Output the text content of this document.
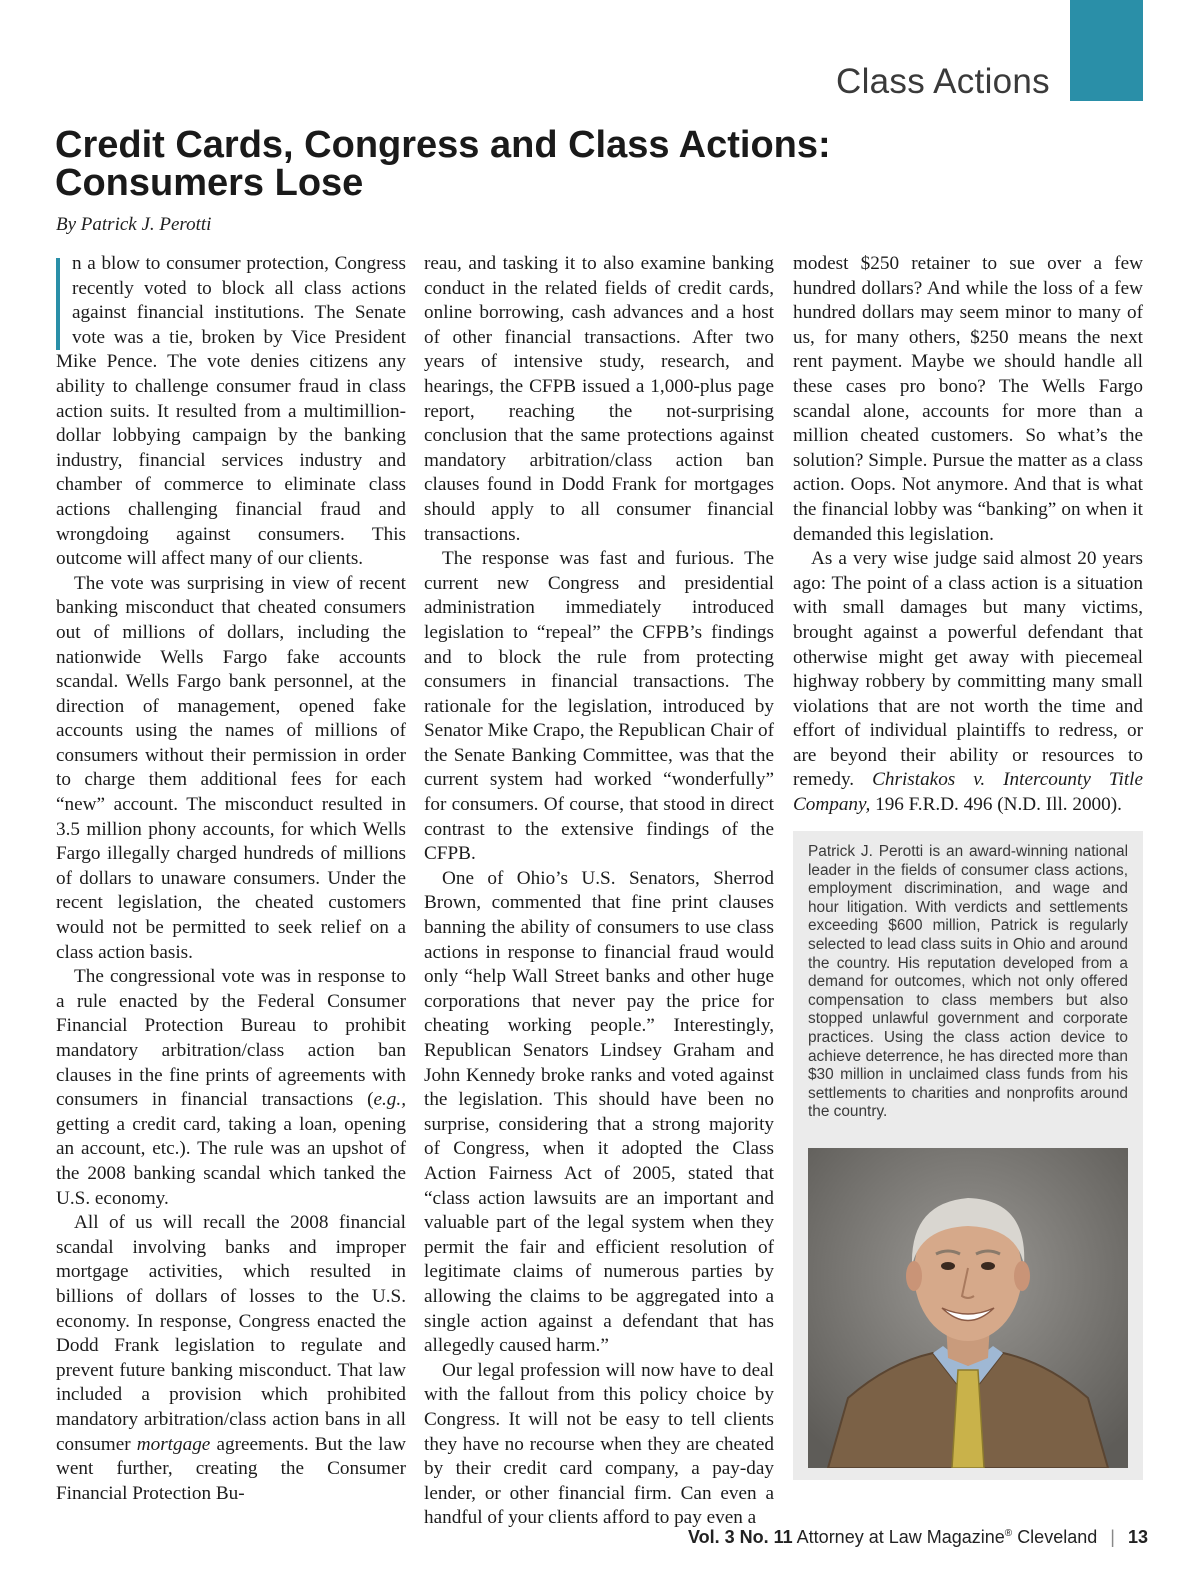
Class Actions
Credit Cards, Congress and Class Actions:
Consumers Lose
By Patrick J. Perotti

n a blow to consumer protection, Congress recently voted to block all class actions against financial institutions. The Senate vote was a tie, broken by Vice President Mike Pence. The vote denies citizens any ability to challenge consumer fraud in class action suits. It resulted from a multimillion-dollar lobbying campaign by the banking industry, financial services industry and chamber of commerce to eliminate class actions challenging financial fraud and wrongdoing against consumers. This outcome will affect many of our clients.

The vote was surprising in view of recent banking misconduct that cheated consumers out of millions of dollars, including the nationwide Wells Fargo fake accounts scandal. Wells Fargo bank personnel, at the direction of management, opened fake accounts using the names of millions of consumers without their permission in order to charge them additional fees for each “new” account. The misconduct resulted in 3.5 million phony accounts, for which Wells Fargo illegally charged hundreds of millions of dollars to unaware consumers. Under the recent legislation, the cheated customers would not be permitted to seek relief on a class action basis.

The congressional vote was in response to a rule enacted by the Federal Consumer Financial Protection Bureau to prohibit mandatory arbitration/class action ban clauses in the fine prints of agreements with consumers in financial transactions (e.g., getting a credit card, taking a loan, opening an account, etc.). The rule was an upshot of the 2008 banking scandal which tanked the U.S. economy.

All of us will recall the 2008 financial scandal involving banks and improper mortgage activities, which resulted in billions of dollars of losses to the U.S. economy. In response, Congress enacted the Dodd Frank legislation to regulate and prevent future banking misconduct. That law included a provision which prohibited mandatory arbitration/class action bans in all consumer mortgage agreements. But the law went further, creating the Consumer Financial Protection Bu-

reau, and tasking it to also examine banking conduct in the related fields of credit cards, online borrowing, cash advances and a host of other financial transactions. After two years of intensive study, research, and hearings, the CFPB issued a 1,000-plus page report, reaching the not-surprising conclusion that the same protections against mandatory arbitration/class action ban clauses found in Dodd Frank for mortgages should apply to all consumer financial transactions.

The response was fast and furious. The current new Congress and presidential administration immediately introduced legislation to “repeal” the CFPB’s findings and to block the rule from protecting consumers in financial transactions. The rationale for the legislation, introduced by Senator Mike Crapo, the Republican Chair of the Senate Banking Committee, was that the current system had worked “wonderfully” for consumers. Of course, that stood in direct contrast to the extensive findings of the CFPB.

One of Ohio’s U.S. Senators, Sherrod Brown, commented that fine print clauses banning the ability of consumers to use class actions in response to financial fraud would only “help Wall Street banks and other huge corporations that never pay the price for cheating working people.” Interestingly, Republican Senators Lindsey Graham and John Kennedy broke ranks and voted against the legislation. This should have been no surprise, considering that a strong majority of Congress, when it adopted the Class Action Fairness Act of 2005, stated that “class action lawsuits are an important and valuable part of the legal system when they permit the fair and efficient resolution of legitimate claims of numerous parties by allowing the claims to be aggregated into a single action against a defendant that has allegedly caused harm.”

Our legal profession will now have to deal with the fallout from this policy choice by Congress. It will not be easy to tell clients they have no recourse when they are cheated by their credit card company, a pay-day lender, or other financial firm. Can even a handful of your clients afford to pay even a

modest $250 retainer to sue over a few hundred dollars? And while the loss of a few hundred dollars may seem minor to many of us, for many others, $250 means the next rent payment. Maybe we should handle all these cases pro bono? The Wells Fargo scandal alone, accounts for more than a million cheated customers. So what’s the solution? Simple. Pursue the matter as a class action. Oops. Not anymore. And that is what the financial lobby was “banking” on when it demanded this legislation.

As a very wise judge said almost 20 years ago: The point of a class action is a situation with small damages but many victims, brought against a powerful defendant that otherwise might get away with piecemeal highway robbery by committing many small violations that are not worth the time and effort of individual plaintiffs to redress, or are beyond their ability or resources to remedy. Christakos v. Intercounty Title Company, 196 F.R.D. 496 (N.D. Ill. 2000).

Patrick J. Perotti is an award-winning national leader in the fields of consumer class actions, employment discrimination, and wage and hour litigation. With verdicts and settlements exceeding $600 million, Patrick is regularly selected to lead class suits in Ohio and around the country. His reputation developed from a demand for outcomes, which not only offered compensation to class members but also stopped unlawful government and corporate practices. Using the class action device to achieve deterrence, he has directed more than $30 million in unclaimed class funds from his settlements to charities and nonprofits around the country.
Vol. 3 No. 11 Attorney at Law Magazine® Cleveland | 13
